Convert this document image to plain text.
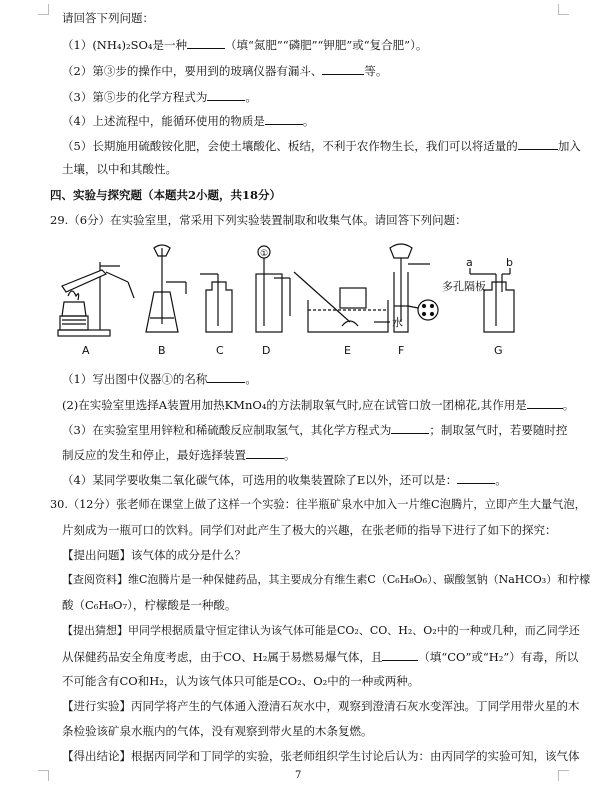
请回答下列问题：
（1）(NH₄)₂SO₄是一种	（填“氮肥”“磷肥”“钾肥”或“复合肥”）。
（2）第③步的操作中，要用到的玻璃仪器有漏斗、	等。
（3）第⑤步的化学方程式为	。
（4）上述流程中，能循环使用的物质是	。
（5）长期施用硫酸铵化肥，会使土壤酸化、板结，不利于农作物生长，我们可以将适量的	加入
土壤，以中和其酸性。
四、实验与探究题（本题共2小题，共18分）
29.（6分）在实验室里，常采用下列实验装置制取和收集气体。请回答下列问题：
（1）写出图中仪器①的名称	。
(2)在实验室里选择A装置用加热KMnO₄的方法制取氧气时,应在试管口放一团棉花,其作用是	。
（3）在实验室里用锌粒和稀硫酸反应制取氢气，其化学方程式为	；制取氢气时，若要随时控
制反应的发生和停止，最好选择装置	。
（4）某同学要收集二氧化碳气体，可选用的收集装置除了E以外，还可以是：	。
30.（12分）张老师在课堂上做了这样一个实验：往半瓶矿泉水中加入一片维C泡腾片，立即产生大量气泡，
片刻成为一瓶可口的饮料。同学们对此产生了极大的兴趣，在张老师的指导下进行了如下的探究：
【提出问题】该气体的成分是什么？
【查阅资料】维C泡腾片是一种保健药品，其主要成分有维生素C（C₆H₈O₆）、碳酸氢钠（NaHCO₃）和柠檬
酸（C₆H₈O₇），柠檬酸是一种酸。
【提出猜想】甲同学根据质量守恒定律认为该气体可能是CO₂、CO、H₂、O₂中的一种或几种，而乙同学还
从保健药品安全角度考虑，由于CO、H₂属于易燃易爆气体，且	（填“CO”或“H₂”）有毒，所以
不可能含有CO和H₂，认为该气体只可能是CO₂、O₂中的一种或两种。
【进行实验】丙同学将产生的气体通入澄清石灰水中，观察到澄清石灰水变浑浊。丁同学用带火星的木
条检验该矿泉水瓶内的气体，没有观察到带火星的木条复燃。
【得出结论】根据丙同学和丁同学的实验，张老师组织学生讨论后认为：由丙同学的实验可知，该气体
A	B	C	D	E	F	G
①
多孔隔板
水
a	b
7
